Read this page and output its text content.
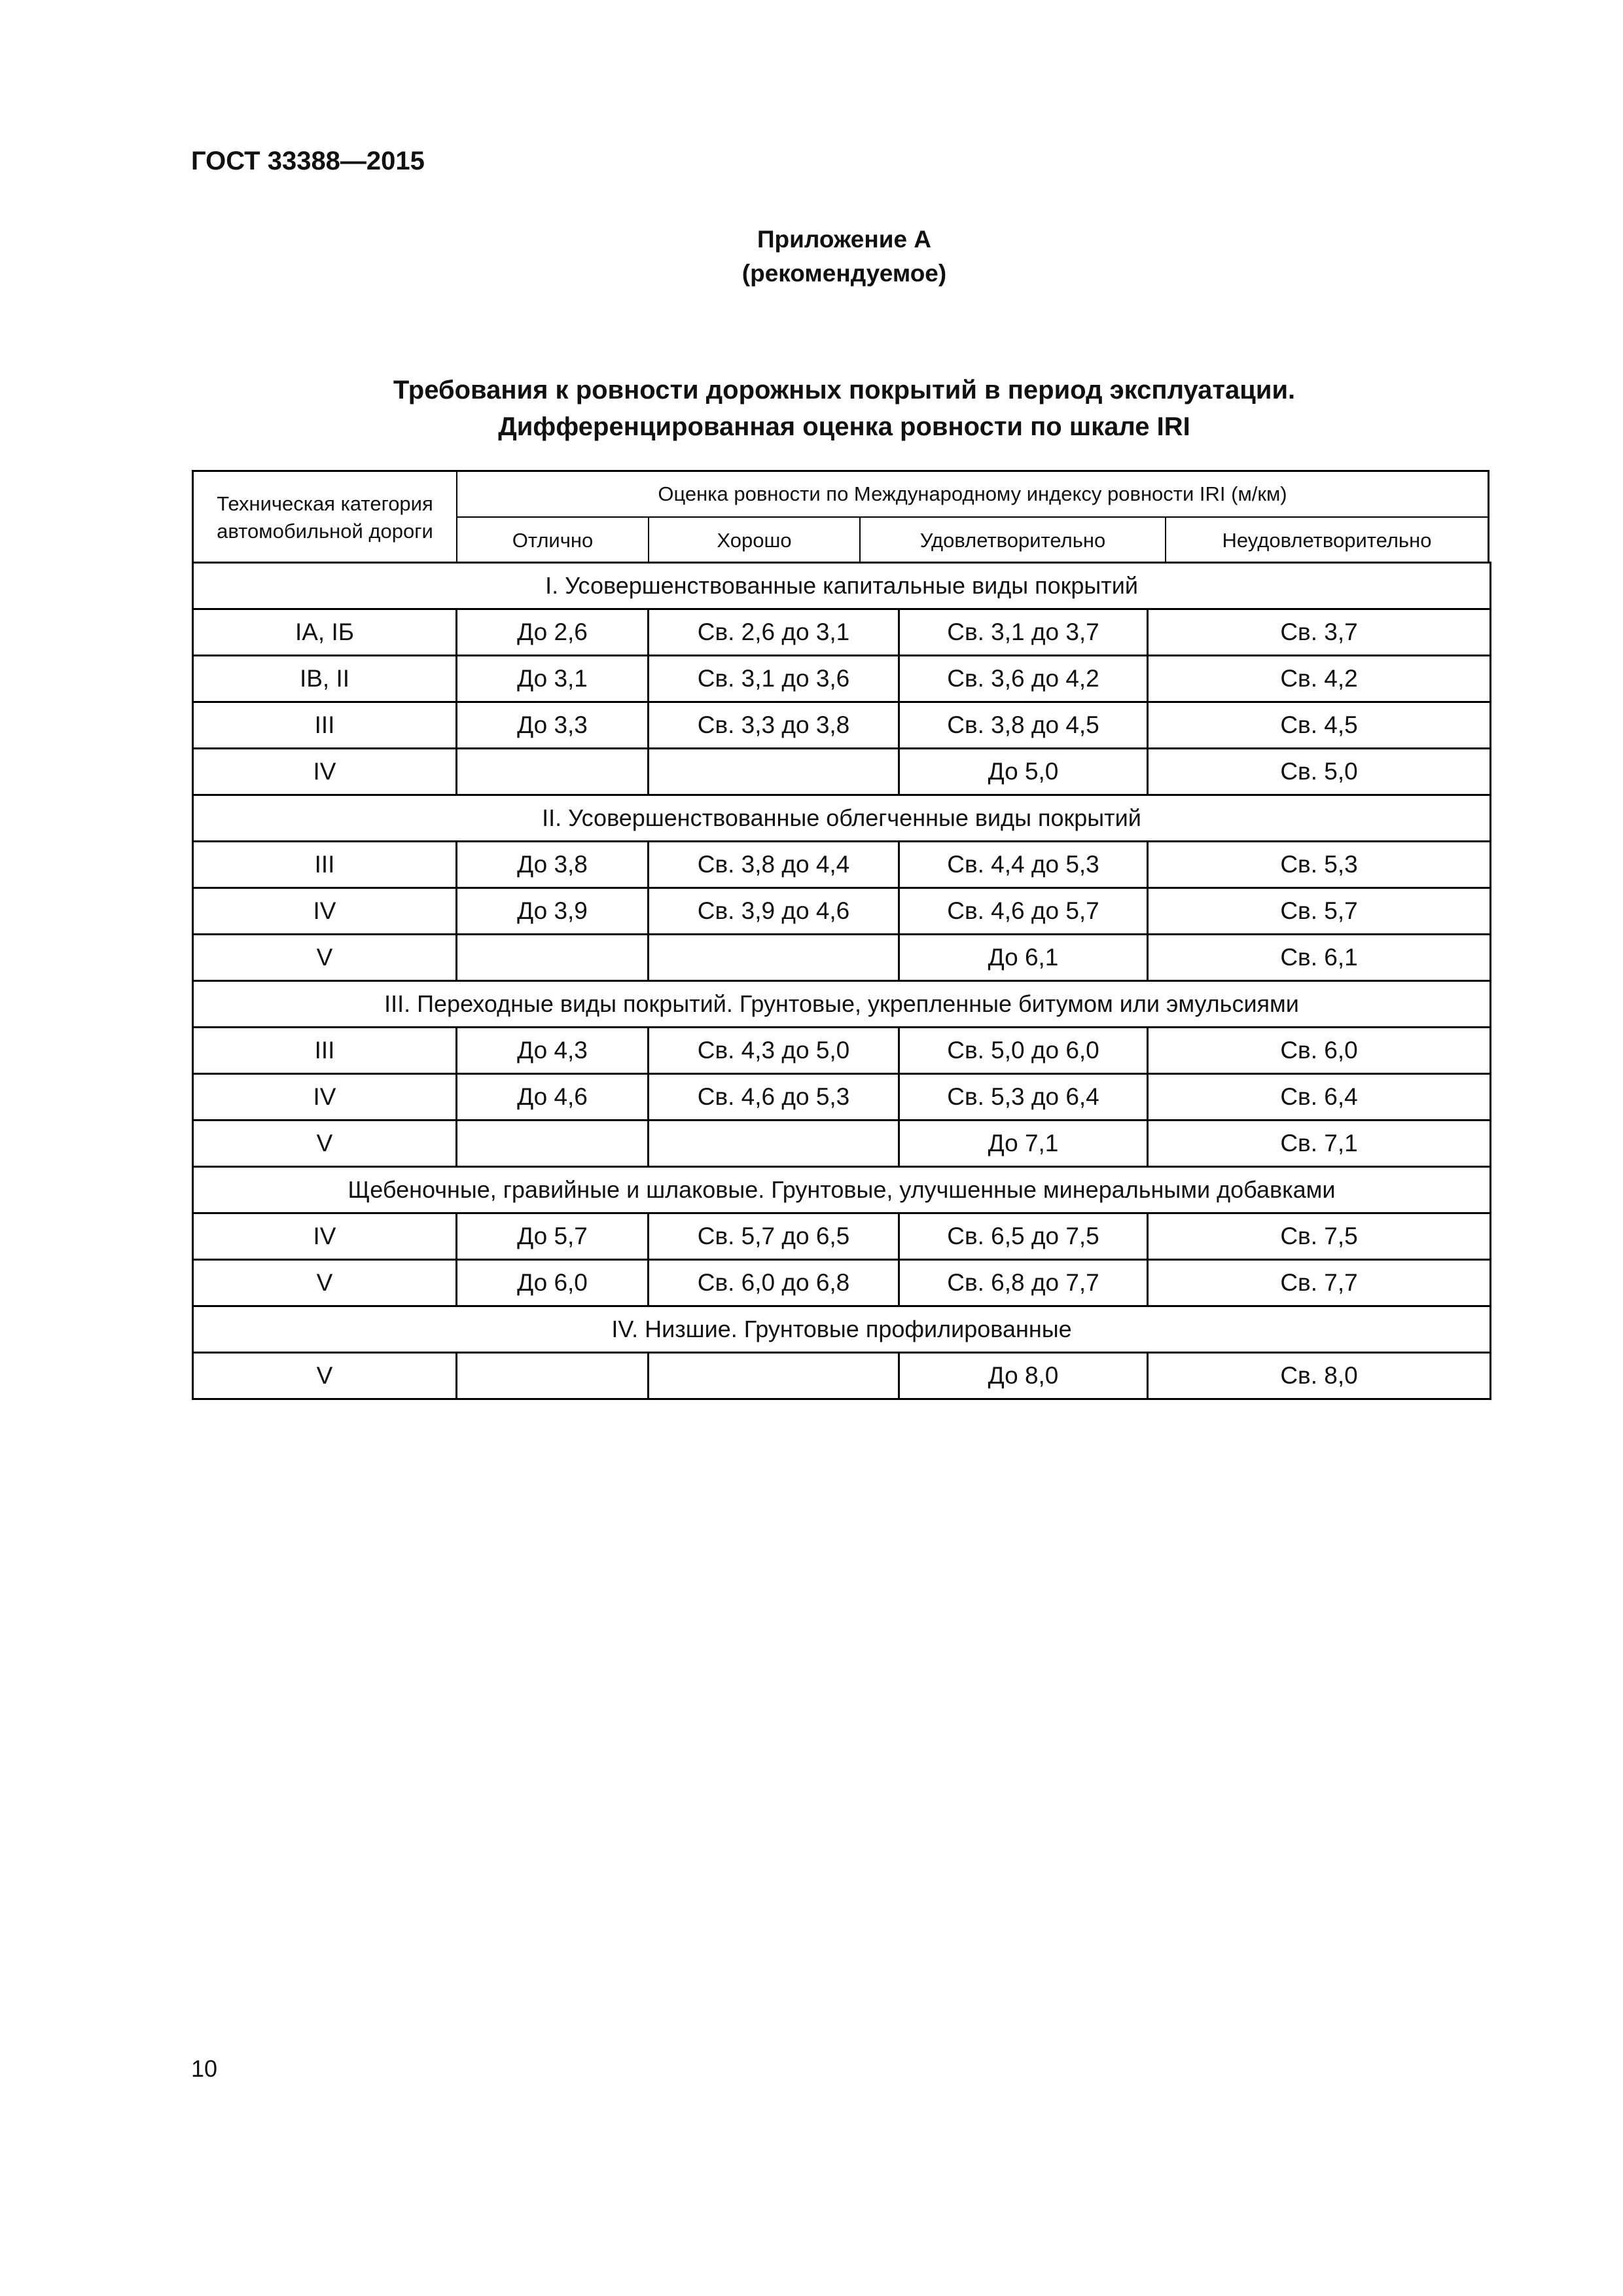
ГОСТ 33388—2015
Приложение А
(рекомендуемое)
Требования к ровности дорожных покрытий в период эксплуатации.
Дифференцированная оценка ровности по шкале IRI
Техническая категория автомобильной дороги
Оценка ровности по Международному индексу ровности IRI (м/км)
Отлично	Хорошо	Удовлетворительно	Неудовлетворительно
I. Усовершенствованные капитальные виды покрытий				
IA, IБ	До 2,6	Св. 2,6 до 3,1	Св. 3,1 до 3,7	Св. 3,7
IB, II	До 3,1	Св. 3,1 до 3,6	Св. 3,6 до 4,2	Св. 4,2
III	До 3,3	Св. 3,3 до 3,8	Св. 3,8 до 4,5	Св. 4,5
IV			До 5,0	Св. 5,0
II. Усовершенствованные облегченные виды покрытий				
III	До 3,8	Св. 3,8 до 4,4	Св. 4,4 до 5,3	Св. 5,3
IV	До 3,9	Св. 3,9 до 4,6	Св. 4,6 до 5,7	Св. 5,7
V			До 6,1	Св. 6,1
III. Переходные виды покрытий. Грунтовые, укрепленные битумом или эмульсиями				
III	До 4,3	Св. 4,3 до 5,0	Св. 5,0 до 6,0	Св. 6,0
IV	До 4,6	Св. 4,6 до 5,3	Св. 5,3 до 6,4	Св. 6,4
V			До 7,1	Св. 7,1
Щебеночные, гравийные и шлаковые. Грунтовые, улучшенные минеральными добавками				
IV	До 5,7	Св. 5,7 до 6,5	Св. 6,5 до 7,5	Св. 7,5
V	До 6,0	Св. 6,0 до 6,8	Св. 6,8 до 7,7	Св. 7,7
IV. Низшие. Грунтовые профилированные				
V			До 8,0	Св. 8,0
10
